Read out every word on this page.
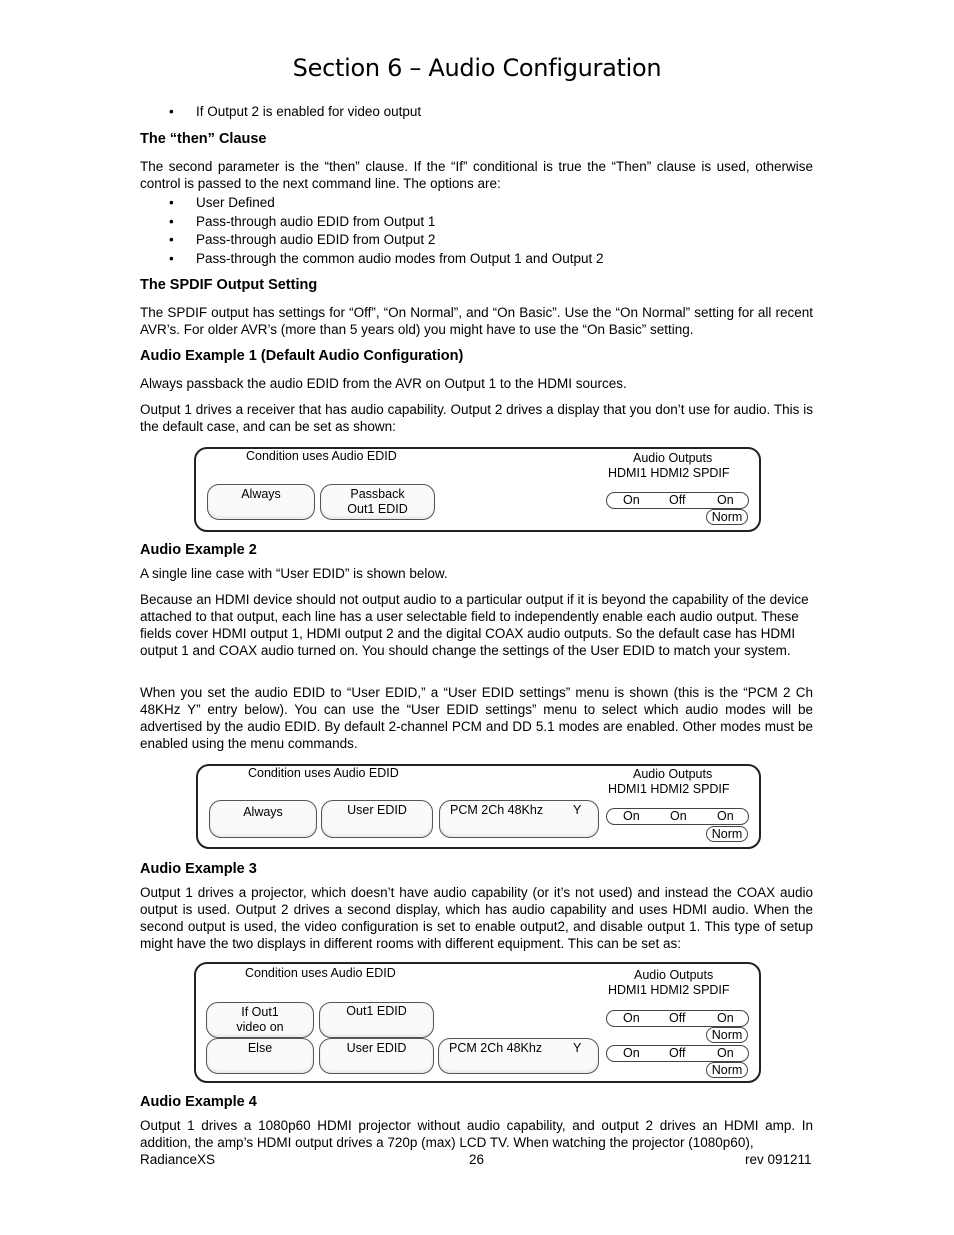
Section 6 – Audio Configuration
• If Output 2 is enabled for video output
The “then” Clause
The second parameter is the “then” clause. If the “If” conditional is true the “Then” clause is used, otherwise control is passed to the next command line. The options are:
• User Defined
• Pass-through audio EDID from Output 1
• Pass-through audio EDID from Output 2
• Pass-through the common audio modes from Output 1 and Output 2
The SPDIF Output Setting
The SPDIF output has settings for “Off”, “On Normal”, and “On Basic”. Use the “On Normal” setting for all recent AVR’s. For older AVR’s (more than 5 years old) you might have to use the “On Basic” setting.
Audio Example 1 (Default Audio Configuration)
Always passback the audio EDID from the AVR on Output 1 to the HDMI sources.
Output 1 drives a receiver that has audio capability. Output 2 drives a display that you don’t use for audio. This is the default case, and can be set as shown:
Condition uses Audio EDID	Audio Outputs
HDMI1 HDMI2 SPDIF
Always	Passback
Out1 EDID
On Off	On
Norm
Audio Example 2
A single line case with “User EDID” is shown below.
Because an HDMI device should not output audio to a particular output if it is beyond the capability of the device attached to that output, each line has a user selectable field to independently enable each audio output. These fields cover HDMI output 1, HDMI output 2 and the digital COAX audio outputs. So the default case has HDMI output 1 and COAX audio turned on. You should change the settings of the User EDID to match your system.
When you set the audio EDID to “User EDID,” a “User EDID settings” menu is shown (this is the “PCM 2 Ch 48KHz Y” entry below). You can use the “User EDID settings” menu to select which audio modes will be advertised by the audio EDID. By default 2-channel PCM and DD 5.1 modes are enabled. Other modes must be enabled using the menu commands.
Condition uses Audio EDID	Audio Outputs
HDMI1 HDMI2 SPDIF
Always	User EDID	PCM 2Ch 48Khz Y	On On On
Norm
Audio Example 3
Output 1 drives a projector, which doesn’t have audio capability (or it’s not used) and instead the COAX audio output is used. Output 2 drives a second display, which has audio capability and uses HDMI audio. When the second output is used, the video configuration is set to enable output2, and disable output 1. This type of setup might have the two displays in different rooms with different equipment. This can be set as:
Condition uses Audio EDID	Audio Outputs
HDMI1 HDMI2 SPDIF
If Out1
video on
Out1 EDID	On Off	On
Norm
Else	User EDID	PCM 2Ch 48Khz Y	On Off	On
Norm
Audio Example 4
Output 1 drives a 1080p60 HDMI projector without audio capability, and output 2 drives an HDMI amp. In addition, the amp’s HDMI output drives a 720p (max) LCD TV. When watching the projector (1080p60),
RadianceXS	26	rev 091211
